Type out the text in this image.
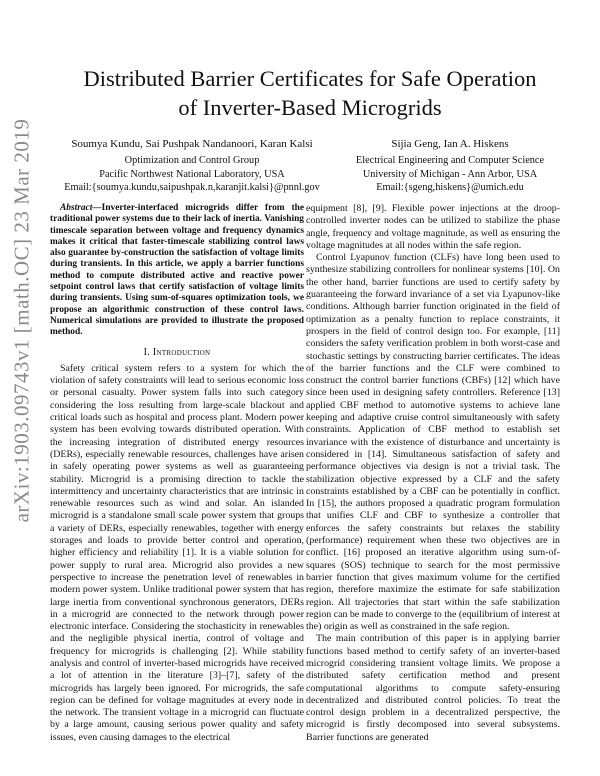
arXiv:1903.09743v1 [math.OC] 23 Mar 2019
Distributed Barrier Certificates for Safe Operation
of Inverter-Based Microgrids
Soumya Kundu, Sai Pushpak Nandanoori, Karan Kalsi
Optimization and Control Group
Pacific Northwest National Laboratory, USA
Email:{soumya.kundu,saipushpak.n,karanjit.kalsi}@pnnl.gov
Sijia Geng, Ian A. Hiskens
Electrical Engineering and Computer Science
University of Michigan - Ann Arbor, USA
Email:{sgeng,hiskens}@umich.edu

Abstract—Inverter-interfaced microgrids differ from the traditional power systems due to their lack of inertia. Vanishing timescale separation between voltage and frequency dynamics makes it critical that faster-timescale stabilizing control laws also guarantee by-construction the satisfaction of voltage limits during transients. In this article, we apply a barrier functions method to compute distributed active and reactive power setpoint control laws that certify satisfaction of voltage limits during transients. Using sum-of-squares optimization tools, we propose an algorithmic construction of these control laws. Numerical simulations are provided to illustrate the proposed method.

I. Introduction

Safety critical system refers to a system for which the violation of safety constraints will lead to serious economic loss or personal casualty. Power system falls into such category considering the loss resulting from large-scale blackout and critical loads such as hospital and process plant. Modern power system has been evolving towards distributed operation. With the increasing integration of distributed energy resources (DERs), especially renewable resources, challenges have arisen in safely operating power systems as well as guaranteeing stability. Microgrid is a promising direction to tackle the intermittency and uncertainty characteristics that are intrinsic in renewable resources such as wind and solar. An islanded microgrid is a standalone small scale power system that groups a variety of DERs, especially renewables, together with energy storages and loads to provide better control and operation, higher efficiency and reliability [1]. It is a viable solution for power supply to rural area. Microgrid also provides a new perspective to increase the penetration level of renewables in modern power system. Unlike traditional power system that has large inertia from conventional synchronous generators, DERs in a microgrid are connected to the network through power electronic interface. Considering the stochasticity in renewables and the negligible physical inertia, control of voltage and frequency for microgrids is challenging [2]. While stability analysis and control of inverter-based microgrids have received a lot of attention in the literature [3]–[7], safety of the microgrids has largely been ignored. For microgrids, the safe region can be defined for voltage magnitudes at every node in the network. The transient voltage in a microgrid can fluctuate by a large amount, causing serious power quality and safety issues, even causing damages to the electrical

equipment [8], [9]. Flexible power injections at the droop-controlled inverter nodes can be utilized to stabilize the phase angle, frequency and voltage magnitude, as well as ensuring the voltage magnitudes at all nodes within the safe region.

Control Lyapunov function (CLFs) have long been used to synthesize stabilizing controllers for nonlinear systems [10]. On the other hand, barrier functions are used to certify safety by guaranteeing the forward invariance of a set via Lyapunov-like conditions. Although barrier function originated in the field of optimization as a penalty function to replace constraints, it prospers in the field of control design too. For example, [11] considers the safety verification problem in both worst-case and stochastic settings by constructing barrier certificates. The ideas of the barrier functions and the CLF were combined to construct the control barrier functions (CBFs) [12] which have since been used in designing safety controllers. Reference [13] applied CBF method to automotive systems to achieve lane keeping and adaptive cruise control simultaneously with safety constraints. Application of CBF method to establish set invariance with the existence of disturbance and uncertainty is considered in [14]. Simultaneous satisfaction of safety and performance objectives via design is not a trivial task. The stabilization objective expressed by a CLF and the safety constraints established by a CBF can be potentially in conflict. In [15], the authors proposed a quadratic program formulation that unifies CLF and CBF to synthesize a controller that enforces the safety constraints but relaxes the stability (performance) requirement when these two objectives are in conflict. [16] proposed an iterative algorithm using sum-of-squares (SOS) technique to search for the most permissive barrier function that gives maximum volume for the certified region, therefore maximize the estimate for safe stabilization region. All trajectories that start within the safe stabilization region can be made to converge to the (equilibrium of interest at the) origin as well as constrained in the safe region.

The main contribution of this paper is in applying barrier functions based method to certify safety of an inverter-based microgrid considering transient voltage limits. We propose a distributed safety certification method and present computational algorithms to compute safety-ensuring decentralized and distributed control policies. To treat the control design problem in a decentralized perspective, the microgrid is firstly decomposed into several subsystems. Barrier functions are generated
